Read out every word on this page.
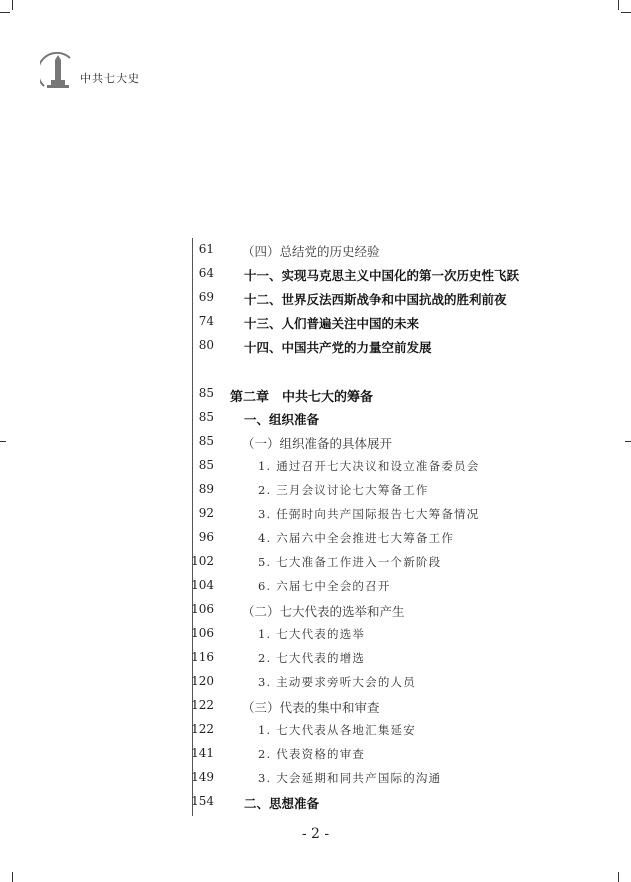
中共七大史
61 （四）总结党的历史经验
64 十一、实现马克思主义中国化的第一次历史性飞跃
69 十二、世界反法西斯战争和中国抗战的胜利前夜
74 十三、人们普遍关注中国的未来
80 十四、中国共产党的力量空前发展
85 第二章　中共七大的筹备
85 一、组织准备
85 （一）组织准备的具体展开
85	1. 通过召开七大决议和设立准备委员会
89	2. 三月会议讨论七大筹备工作
92	3. 任弼时向共产国际报告七大筹备情况
96	4. 六届六中全会推进七大筹备工作
102	5. 七大准备工作进入一个新阶段
104	6. 六届七中全会的召开
106 （二）七大代表的选举和产生
106	1. 七大代表的选举
116	2. 七大代表的增选
120	3. 主动要求旁听大会的人员
122 （三）代表的集中和审查
122	1. 七大代表从各地汇集延安
141	2. 代表资格的审查
149	3. 大会延期和同共产国际的沟通
154 二、思想准备
- 2 -
